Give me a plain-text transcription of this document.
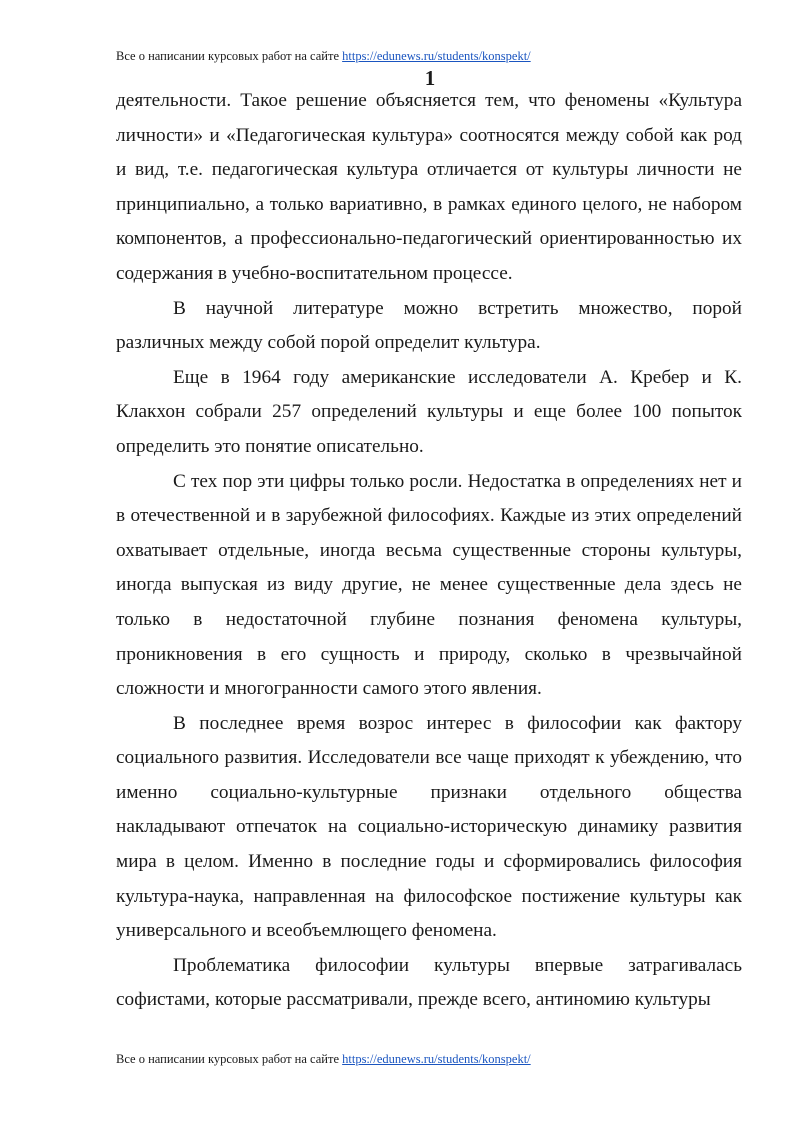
Все о написании курсовых работ на сайте https://edunews.ru/students/konspekt/
1

деятельности. Такое решение объясняется тем, что феномены «Культура личности» и «Педагогическая культура» соотносятся между собой как род и вид, т.е. педагогическая культура отличается от культуры личности не принципиально, а только вариативно, в рамках единого целого, не набором компонентов, а профессионально-педагогический ориентированностью их содержания в учебно-воспитательном процессе.

В научной литературе можно встретить множество, порой различных между собой порой определит культура.

Еще в 1964 году американские исследователи А. Кребер и К. Клакхон собрали 257 определений культуры и еще более 100 попыток определить это понятие описательно.

С тех пор эти цифры только росли. Недостатка в определениях нет и в отечественной и в зарубежной философиях. Каждые из этих определений охватывает отдельные, иногда весьма существенные стороны культуры, иногда выпуская из виду другие, не менее существенные дела здесь не только в недостаточной глубине познания феномена культуры, проникновения в его сущность и природу, сколько в чрезвычайной сложности и многогранности самого этого явления.

В последнее время возрос интерес в философии как фактору социального развития. Исследователи все чаще приходят к убеждению, что именно социально-культурные признаки отдельного общества накладывают отпечаток на социально-историческую динамику развития мира в целом. Именно в последние годы и сформировались философия культура-наука, направленная на философское постижение культуры как универсального и всеобъемлющего феномена.

Проблематика философии культуры впервые затрагивалась софистами, которые рассматривали, прежде всего, антиномию культуры

Все о написании курсовых работ на сайте https://edunews.ru/students/konspekt/
